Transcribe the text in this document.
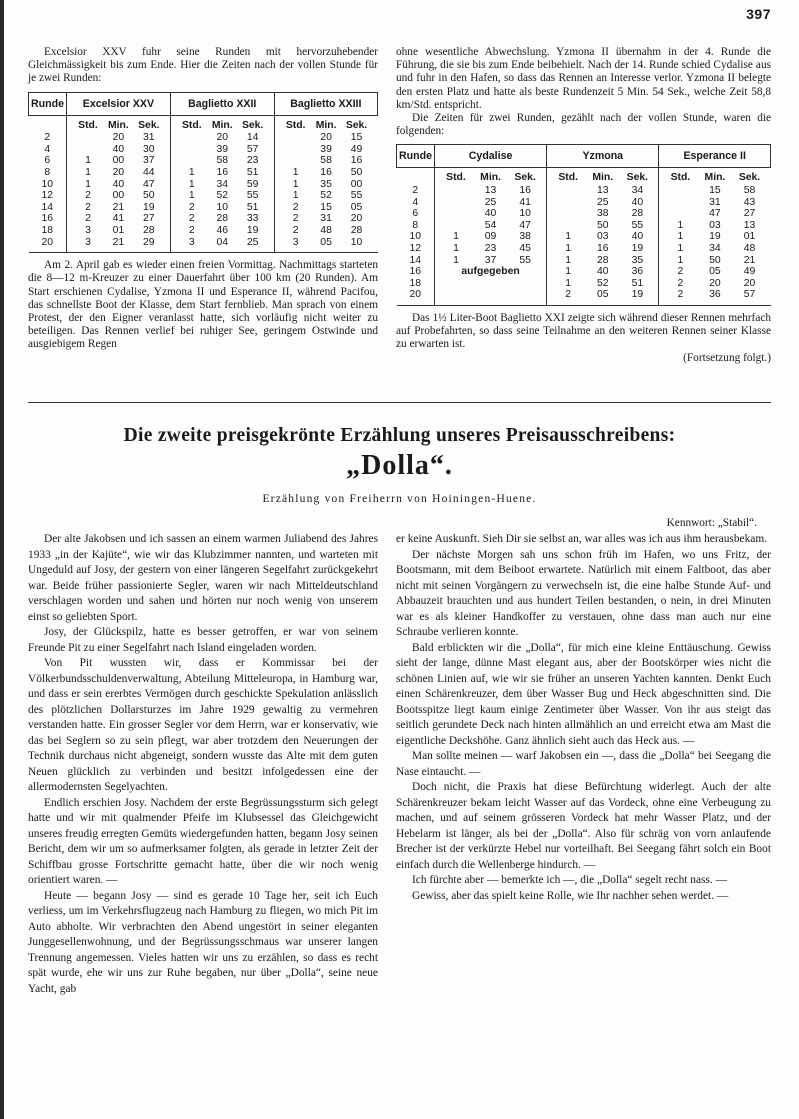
397

Excelsior XXV fuhr seine Runden mit hervorzuhebender Gleichmässigkeit bis zum Ende. Hier die Zeiten nach der vollen Stunde für je zwei Runden:

Runde	Excelsior XXV	Baglietto XXII	Baglietto XXIII

	Std. Min. Sek.	Std. Min. Sek.	Std. Min. Sek.

2	20 31	20 14	20 15

4	40 30	39 57	39 49

6	1 00 37	58 23	58 16

8	1 20 44	1 16 51	1 16 50

10	1 40 47	1 34 59	1 35 00

12	2 00 50	1 52 55	1 52 55

14	2 21 19	2 10 51	2 15 05

16	2 41 27	2 28 33	2 31 20

18	3 01 28	2 46 19	2 48 28

20	3 21 29	3 04 25	3 05 10

Am 2. April gab es wieder einen freien Vormittag. Nachmittags starteten die 8—12 m-Kreuzer zu einer Dauerfahrt über 100 km (20 Runden). Am Start erschienen Cydalise, Yzmona II und Esperance II, während Pacifou, das schnellste Boot der Klasse, dem Start fernblieb. Man sprach von einem Protest, der den Eigner veranlasst hatte, sich vorläufig nicht weiter zu beteiligen. Das Rennen verlief bei ruhiger See, geringem Ostwinde und ausgiebigem Regen

ohne wesentliche Abwechslung. Yzmona II übernahm in der 4. Runde die Führung, die sie bis zum Ende beibehielt. Nach der 14. Runde schied Cydalise aus und fuhr in den Hafen, so dass das Rennen an Interesse verlor. Yzmona II belegte den ersten Platz und hatte als beste Rundenzeit 5 Min. 54 Sek., welche Zeit 58,8 km/Std. entspricht.

Die Zeiten für zwei Runden, gezählt nach der vollen Stunde, waren die folgenden:

Runde	Cydalise	Yzmona	Esperance II

	Std. Min. Sek.	Std. Min. Sek.	Std. Min. Sek.

2	13 16	13 34	15 58

4	25 41	25 40	31 43

6	40 10	38 28	47 27

8	54 47	50 55	1 03 13

10	1 09 38	1 03 40	1 19 01

12	1 23 45	1 16 19	1 34 48

14	1 37 55	1 28 35	1 50 21

16	aufgegeben	1 40 36	2 05 49

18		1 52 51	2 20 20

20		2 05 19	2 36 57

Das 1½ Liter-Boot Baglietto XXI zeigte sich während dieser Rennen mehrfach auf Probefahrten, so dass seine Teilnahme an den weiteren Rennen seiner Klasse zu erwarten ist.

(Fortsetzung folgt.)

Die zweite preisgekrönte Erzählung unseres Preisausschreibens:
„Dolla“.
Erzählung von Freiherrn von Hoiningen-Huene.
Kennwort: „Stabil“.

Der alte Jakobsen und ich sassen an einem warmen Juliabend des Jahres 1933 „in der Kajüte“, wie wir das Klubzimmer nannten, und warteten mit Ungeduld auf Josy, der gestern von einer längeren Segelfahrt zurückgekehrt war. Beide früher passionierte Segler, waren wir nach Mitteldeutschland verschlagen worden und sahen und hörten nur noch wenig von unserem einst so geliebten Sport.

Josy, der Glückspilz, hatte es besser getroffen, er war von seinem Freunde Pit zu einer Segelfahrt nach Island eingeladen worden.

Von Pit wussten wir, dass er Kommissar bei der Völkerbundsschuldenverwaltung, Abteilung Mitteleuropa, in Hamburg war, und dass er sein ererbtes Vermögen durch geschickte Spekulation anlässlich des plötzlichen Dollarsturzes im Jahre 1929 gewaltig zu vermehren verstanden hatte. Ein grosser Segler vor dem Herrn, war er konservativ, wie das bei Seglern so zu sein pflegt, war aber trotzdem den Neuerungen der Technik durchaus nicht abgeneigt, sondern wusste das Alte mit dem guten Neuen glücklich zu verbinden und besitzt infolgedessen eine der allermodernsten Segelyachten.

Endlich erschien Josy. Nachdem der erste Begrüssungssturm sich gelegt hatte und wir mit qualmender Pfeife im Klubsessel das Gleichgewicht unseres freudig erregten Gemüts wiedergefunden hatten, begann Josy seinen Bericht, dem wir um so aufmerksamer folgten, als gerade in letzter Zeit der Schiffbau grosse Fortschritte gemacht hatte, über die wir noch wenig orientiert waren. —

Heute — begann Josy — sind es gerade 10 Tage her, seit ich Euch verliess, um im Verkehrsflugzeug nach Hamburg zu fliegen, wo mich Pit im Auto abholte. Wir verbrachten den Abend ungestört in seiner eleganten Junggesellenwohnung, und der Begrüssungsschmaus war unserer langen Trennung angemessen. Vieles hatten wir uns zu erzählen, so dass es recht spät wurde, ehe wir uns zur Ruhe begaben, nur über „Dolla“, seine neue Yacht, gab

er keine Auskunft. Sieh Dir sie selbst an, war alles was ich aus ihm herausbekam.

Der nächste Morgen sah uns schon früh im Hafen, wo uns Fritz, der Bootsmann, mit dem Beiboot erwartete. Natürlich mit einem Faltboot, das aber nicht mit seinen Vorgängern zu verwechseln ist, die eine halbe Stunde Auf- und Abbauzeit brauchten und aus hundert Teilen bestanden, o nein, in drei Minuten war es als kleiner Handkoffer zu verstauen, ohne dass man auch nur eine Schraube verlieren konnte.

Bald erblickten wir die „Dolla“, für mich eine kleine Enttäuschung. Gewiss sieht der lange, dünne Mast elegant aus, aber der Bootskörper wies nicht die schönen Linien auf, wie wir sie früher an unseren Yachten kannten. Denkt Euch einen Schärenkreuzer, dem über Wasser Bug und Heck abgeschnitten sind. Die Bootsspitze liegt kaum einige Zentimeter über Wasser. Von ihr aus steigt das seitlich gerundete Deck nach hinten allmählich an und erreicht etwa am Mast die eigentliche Deckshöhe. Ganz ähnlich sieht auch das Heck aus. —

Man sollte meinen — warf Jakobsen ein —, dass die „Dolla“ bei Seegang die Nase eintaucht. —

Doch nicht, die Praxis hat diese Befürchtung widerlegt. Auch der alte Schärenkreuzer bekam leicht Wasser auf das Vordeck, ohne eine Verbeugung zu machen, und auf seinem grösseren Vordeck hat mehr Wasser Platz, und der Hebelarm ist länger, als bei der „Dolla“. Also für schräg von vorn anlaufende Brecher ist der verkürzte Hebel nur vorteilhaft. Bei Seegang fährt solch ein Boot einfach durch die Wellenberge hindurch. —

Ich fürchte aber — bemerkte ich —, die „Dolla“ segelt recht nass. —

Gewiss, aber das spielt keine Rolle, wie Ihr nachher sehen werdet. —
